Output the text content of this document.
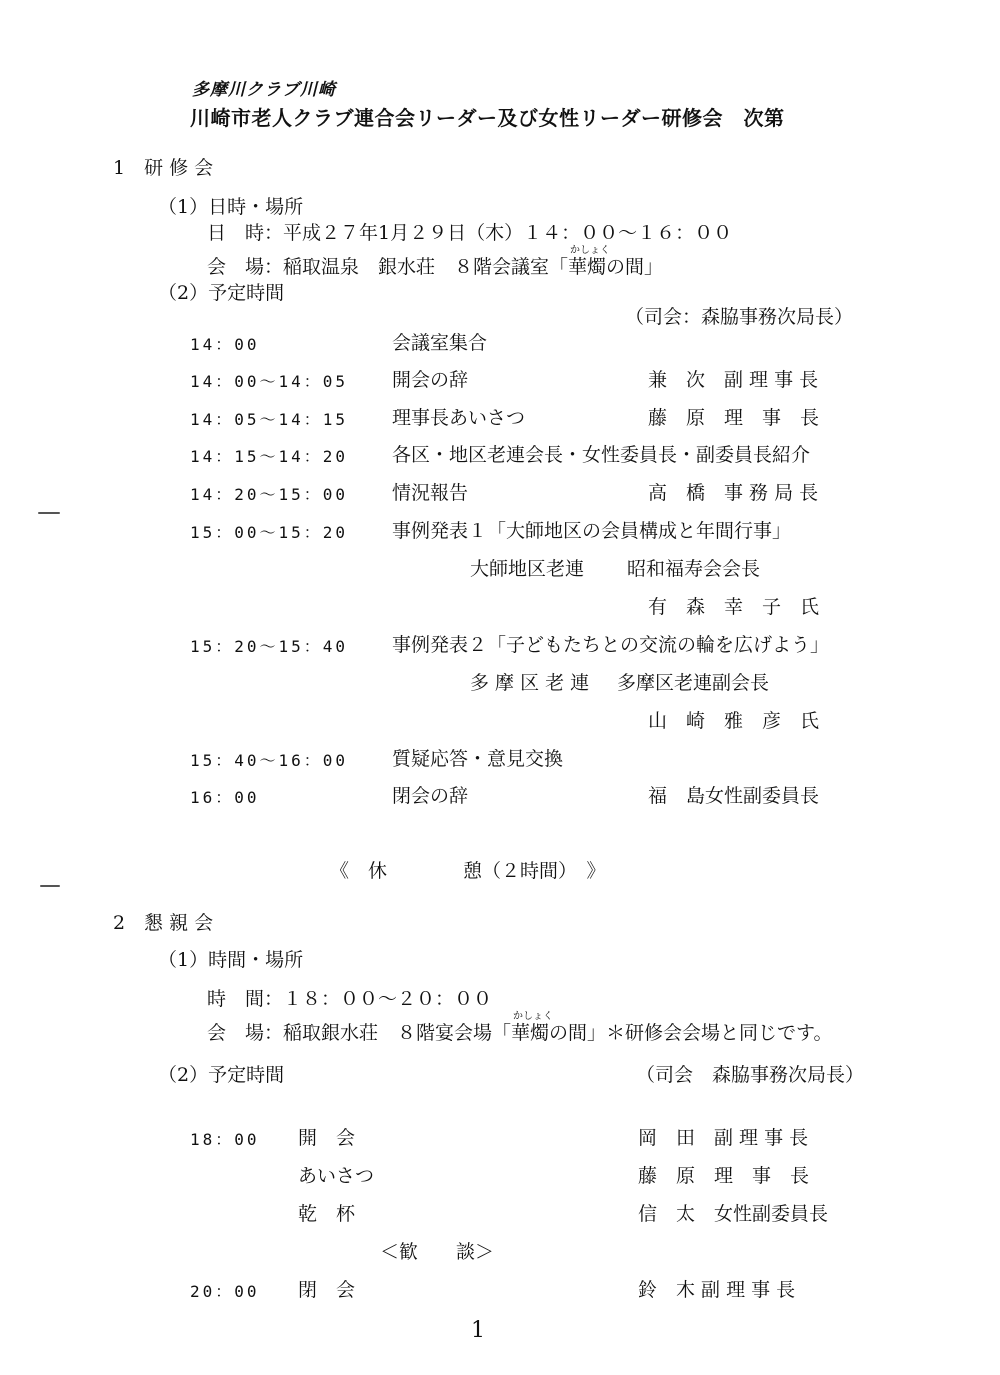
多摩川クラブ川崎
川崎市老人クラブ連合会リーダー及び女性リーダー研修会　次第
1　研 修 会
（1）日時・場所
日　時：平成２７年1月２９日（木）１４：００～１６：００
会　場：稲取温泉　銀水荘　８階会議室「
かしょく
華燭の間」
（2）予定時間
（司会：森脇事務次局長）
14：00	会議室集合
14：00～14：05 開会の辞	兼　次　副 理 事 長
14：05～14：15 理事長あいさつ	藤　原　理　事　長
14：15～14：20 各区・地区老連会長・女性委員長・副委員長紹介
14：20～15：00 情況報告	高　橋　事 務 局 長
15：00～15：20 事例発表１「大師地区の会員構成と年間行事」
大師地区老連 昭和福寿会会長
有　森　幸　子　氏
15：20～15：40 事例発表２「子どもたちとの交流の輪を広げよう」
多 摩 区 老 連 多摩区老連副会長
山　崎　雅　彦　氏
15：40～16：00 質疑応答・意見交換
16：00	閉会の辞	福　島女性副委員長
《　休　　　　憩（２時間）　》
2　懇 親 会
（1）時間・場所
時　間：１８：００～２０：００
会　場：稲取銀水荘　８階宴会場「
かしょく
華燭の間」＊研修会会場と同じです。
（2）予定時間	（司会　森脇事務次局長）
18：00 開　会	岡　田　副 理 事 長
あいさつ	藤　原　理　事　長
乾　杯	信　太　女性副委員長
＜歓　　談＞
20：00 閉　会	鈴　木 副 理 事 長
1
